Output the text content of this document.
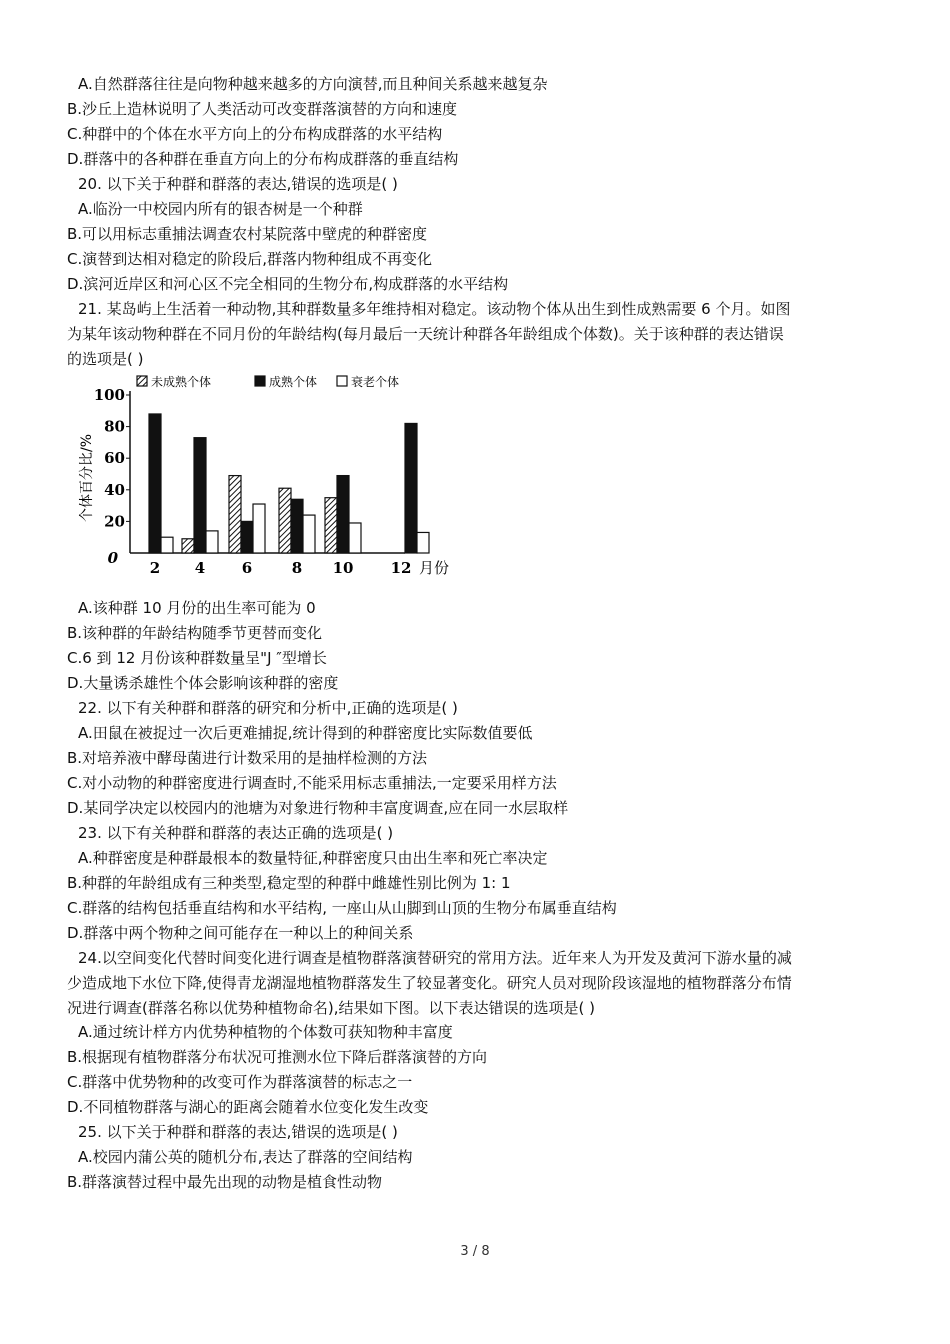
A.自然群落往往是向物种越来越多的方向演替,而且种间关系越来越复杂
B.沙丘上造林说明了人类活动可改变群落演替的方向和速度
C.种群中的个体在水平方向上的分布构成群落的水平结构
D.群落中的各种群在垂直方向上的分布构成群落的垂直结构
20. 以下关于种群和群落的表达,错误的选项是( )
A.临汾一中校园内所有的银杏树是一个种群
B.可以用标志重捕法调查农村某院落中壁虎的种群密度
C.演替到达相对稳定的阶段后,群落内物种组成不再变化
D.滨河近岸区和河心区不完全相同的生物分布,构成群落的水平结构
21. 某岛屿上生活着一种动物,其种群数量多年维持相对稳定。该动物个体从出生到性成熟需要 6 个月。如图
为某年该动物种群在不同月份的年龄结构(每月最后一天统计种群各年龄组成个体数)。关于该种群的表达错误
的选项是( )
0
20
40
60
80
100
个体百分比/%
未成熟个体	成熟个体	衰老个体
2 4 6	8 10 12 月份
A.该种群 10 月份的出生率可能为 0
B.该种群的年龄结构随季节更替而变化
C.6 到 12 月份该种群数量呈"J ″型增长
D.大量诱杀雄性个体会影响该种群的密度
22. 以下有关种群和群落的研究和分析中,正确的选项是( )
A.田鼠在被捉过一次后更难捕捉,统计得到的种群密度比实际数值要低
B.对培养液中酵母菌进行计数采用的是抽样检测的方法
C.对小动物的种群密度进行调查时,不能采用标志重捕法,一定要采用样方法
D.某同学决定以校园内的池塘为对象进行物种丰富度调查,应在同一水层取样
23. 以下有关种群和群落的表达正确的选项是( )
A.种群密度是种群最根本的数量特征,种群密度只由出生率和死亡率决定
B.种群的年龄组成有三种类型,稳定型的种群中雌雄性别比例为 1: 1
C.群落的结构包括垂直结构和水平结构, 一座山从山脚到山顶的生物分布属垂直结构
D.群落中两个物种之间可能存在一种以上的种间关系
24.以空间变化代替时间变化进行调查是植物群落演替研究的常用方法。近年来人为开发及黄河下游水量的减
少造成地下水位下降,使得青龙湖湿地植物群落发生了较显著变化。研究人员对现阶段该湿地的植物群落分布情
况进行调查(群落名称以优势种植物命名),结果如下图。以下表达错误的选项是( )
A.通过统计样方内优势种植物的个体数可获知物种丰富度
B.根据现有植物群落分布状况可推测水位下降后群落演替的方向
C.群落中优势物种的改变可作为群落演替的标志之一
D.不同植物群落与湖心的距离会随着水位变化发生改变
25. 以下关于种群和群落的表达,错误的选项是( )
A.校园内蒲公英的随机分布,表达了群落的空间结构
B.群落演替过程中最先出现的动物是植食性动物
3 / 8
